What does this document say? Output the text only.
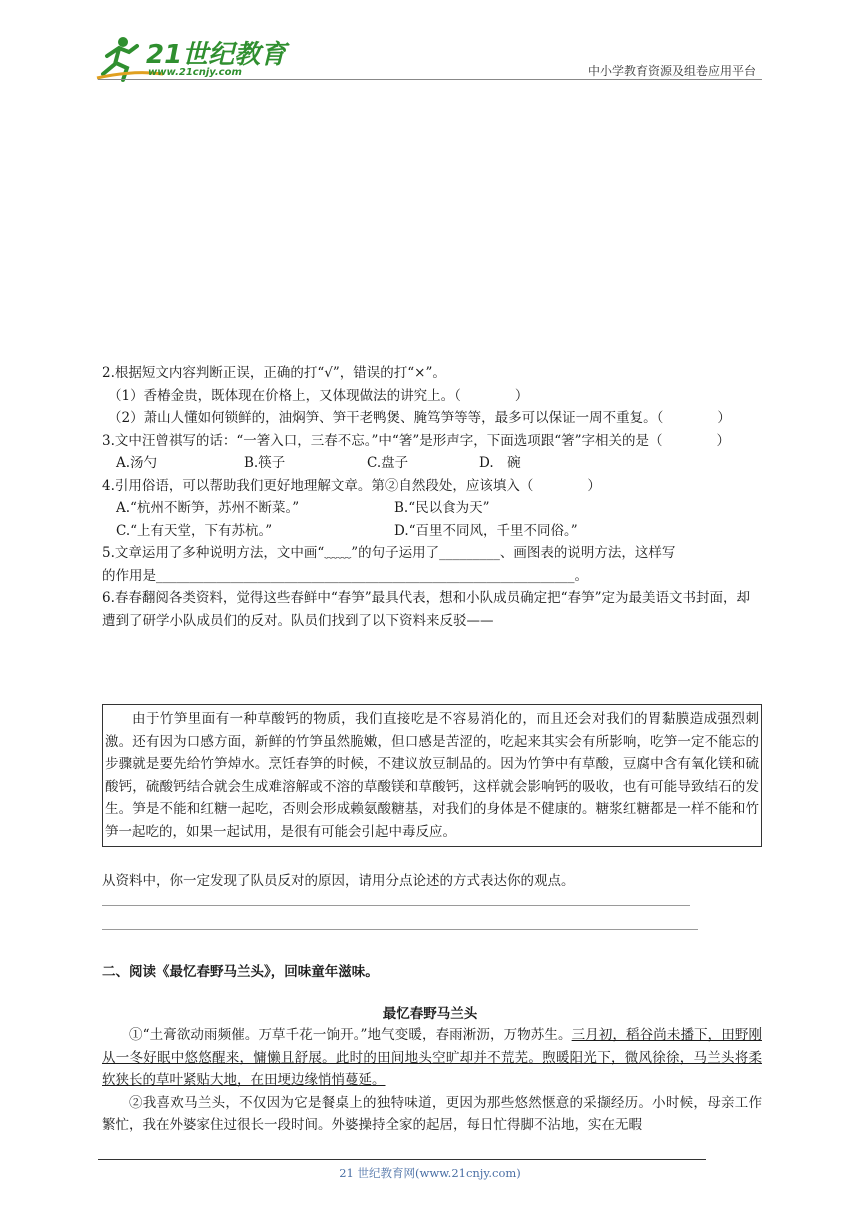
21世纪教育
www.21cnjy.com	中小学教育资源及组卷应用平台

2.根据短文内容判断正误，正确的打“√”，错误的打“×”。

（1）香椿金贵，既体现在价格上，又体现做法的讲究上。（　　　　）

（2）萧山人懂如何锁鲜的，油焖笋、笋干老鸭煲、腌笃笋等等，最多可以保证一周不重复。（　　　　）

3.文中汪曾祺写的话：“一箸入口，三春不忘。”中“箸”是形声字，下面选项跟“箸”字相关的是（　　　　）

A.汤勺	B.筷子	C.盘子	D.　碗

4.引用俗语，可以帮助我们更好地理解文章。第②自然段处，应该填入（　　　　）

A.“杭州不断笋，苏州不断菜。”	B.“民以食为天”
C.“上有天堂，下有苏杭。”	D.“百里不同风，千里不同俗。”

5.文章运用了多种说明方法，文中画“﹏﹏”的句子运用了_________、画图表的说明方法，这样写

的作用是______________________________________________________________。

6.春春翻阅各类资料，觉得这些春鲜中“春笋”最具代表，想和小队成员确定把“春笋”定为最美语文书封面，却遭到了研学小队成员们的反对。队员们找到了以下资料来反驳——

由于竹笋里面有一种草酸钙的物质，我们直接吃是不容易消化的，而且还会对我们的胃黏膜造成强烈刺激。还有因为口感方面，新鲜的竹笋虽然脆嫩，但口感是苦涩的，吃起来其实会有所影响，吃笋一定不能忘的步骤就是要先给竹笋焯水。烹饪春笋的时候，不建议放豆制品的。因为竹笋中有草酸，豆腐中含有氧化镁和硫酸钙，硫酸钙结合就会生成难溶解或不溶的草酸镁和草酸钙，这样就会影响钙的吸收，也有可能导致结石的发生。笋是不能和红糖一起吃，否则会形成赖氨酸糖基，对我们的身体是不健康的。糖浆红糖都是一样不能和竹笋一起吃的，如果一起试用，是很有可能会引起中毒反应。
从资料中，你一定发现了队员反对的原因，请用分点论述的方式表达你的观点。
二、阅读《最忆春野马兰头》，回味童年滋味。
最忆春野马兰头

①“土膏欲动雨频催。万草千花一饷开。”地气变暖，春雨淅沥，万物苏生。三月初，稻谷尚未播下，田野刚从一冬好眠中悠悠醒来，慵懒且舒展。此时的田间地头空旷却并不荒芜。煦暖阳光下，微风徐徐，马兰头将柔软狭长的草叶紧贴大地，在田埂边缘悄悄蔓延。

②我喜欢马兰头，不仅因为它是餐桌上的独特味道，更因为那些悠然惬意的采撷经历。小时候，母亲工作繁忙，我在外婆家住过很长一段时间。外婆操持全家的起居，每日忙得脚不沾地，实在无暇

21 世纪教育网(www.21cnjy.com)
